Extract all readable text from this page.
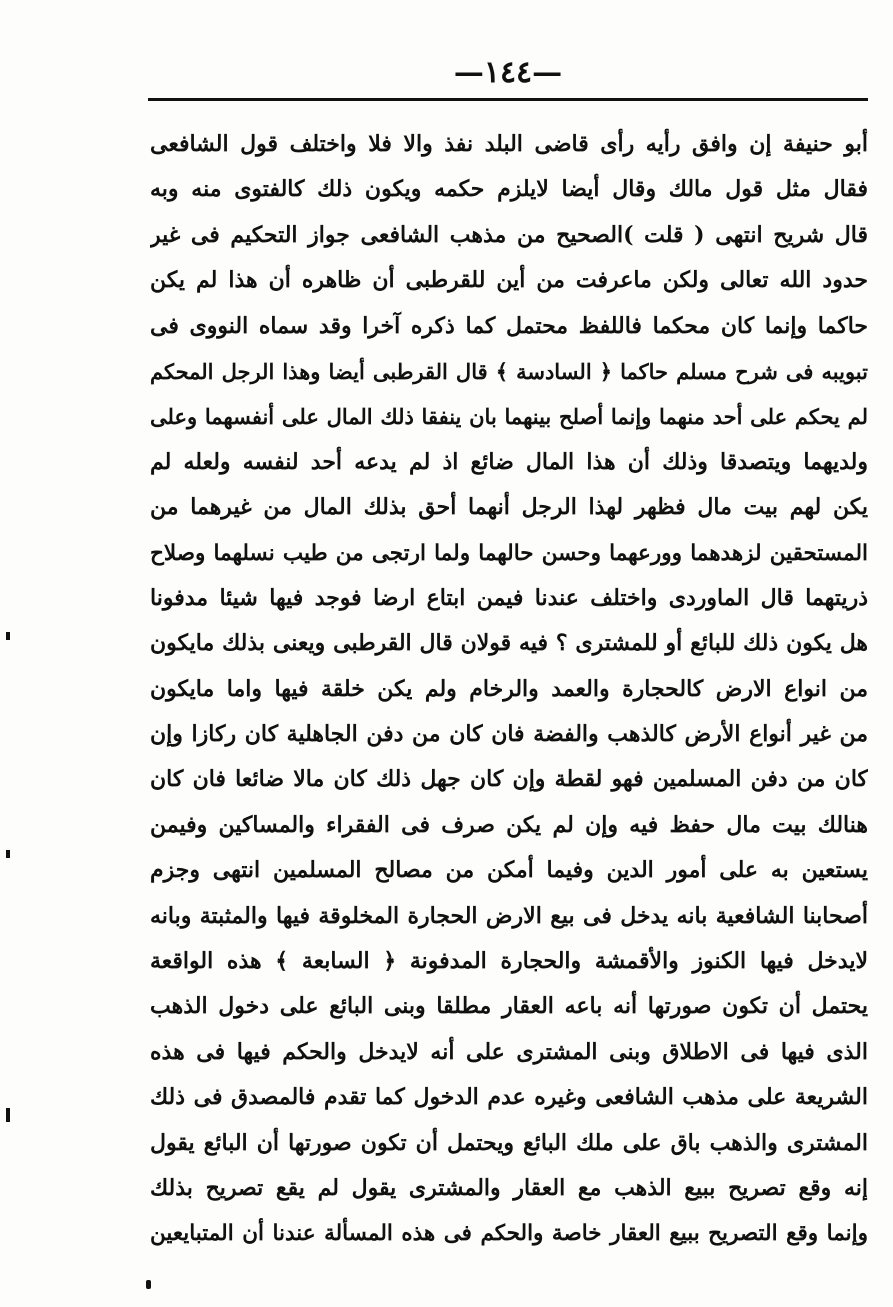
—١٤٤—
أبو حنيفة إن وافق رأيه رأى قاضى البلد نفذ والا فلا واختلف قول الشافعى
فقال مثل قول مالك وقال أيضا لايلزم حكمه ويكون ذلك كالفتوى منه وبه
قال شريح انتهى ( قلت )الصحيح من مذهب الشافعى جواز التحكيم فى غير
حدود الله تعالى ولكن ماعرفت من أين للقرطبى أن ظاهره أن هذا لم يكن
حاكما وإنما كان محكما فاللفظ محتمل كما ذكره آخرا وقد سماه النووى فى
تبويبه فى شرح مسلم حاكما ﴿ السادسة ﴾ قال القرطبى أيضا وهذا الرجل المحكم
لم يحكم على أحد منهما وإنما أصلح بينهما بان ينفقا ذلك المال على أنفسهما وعلى
ولديهما ويتصدقا وذلك أن هذا المال ضائع اذ لم يدعه أحد لنفسه ولعله لم
يكن لهم بيت مال فظهر لهذا الرجل أنهما أحق بذلك المال من غيرهما من
المستحقين لزهدهما وورعهما وحسن حالهما ولما ارتجى من طيب نسلهما وصلاح
ذريتهما قال الماوردى واختلف عندنا فيمن ابتاع ارضا فوجد فيها شيئا مدفونا
هل يكون ذلك للبائع أو للمشترى ؟ فيه قولان قال القرطبى ويعنى بذلك مايكون
من انواع الارض كالحجارة والعمد والرخام ولم يكن خلقة فيها واما مايكون
من غير أنواع الأرض كالذهب والفضة فان كان من دفن الجاهلية كان ركازا وإن
كان من دفن المسلمين فهو لقطة وإن كان جهل ذلك كان مالا ضائعا فان كان
هنالك بيت مال حفظ فيه وإن لم يكن صرف فى الفقراء والمساكين وفيمن
يستعين به على أمور الدين وفيما أمكن من مصالح المسلمين انتهى وجزم
أصحابنا الشافعية بانه يدخل فى بيع الارض الحجارة المخلوقة فيها والمثبتة وبانه
لايدخل فيها الكنوز والأقمشة والحجارة المدفونة ﴿ السابعة ﴾ هذه الواقعة
يحتمل أن تكون صورتها أنه باعه العقار مطلقا وبنى البائع على دخول الذهب
الذى فيها فى الاطلاق وبنى المشترى على أنه لايدخل والحكم فيها فى هذه
الشريعة على مذهب الشافعى وغيره عدم الدخول كما تقدم فالمصدق فى ذلك
المشترى والذهب باق على ملك البائع ويحتمل أن تكون صورتها أن البائع يقول
إنه وقع تصريح ببيع الذهب مع العقار والمشترى يقول لم يقع تصريح بذلك
وإنما وقع التصريح ببيع العقار خاصة والحكم فى هذه المسألة عندنا أن المتبايعين
